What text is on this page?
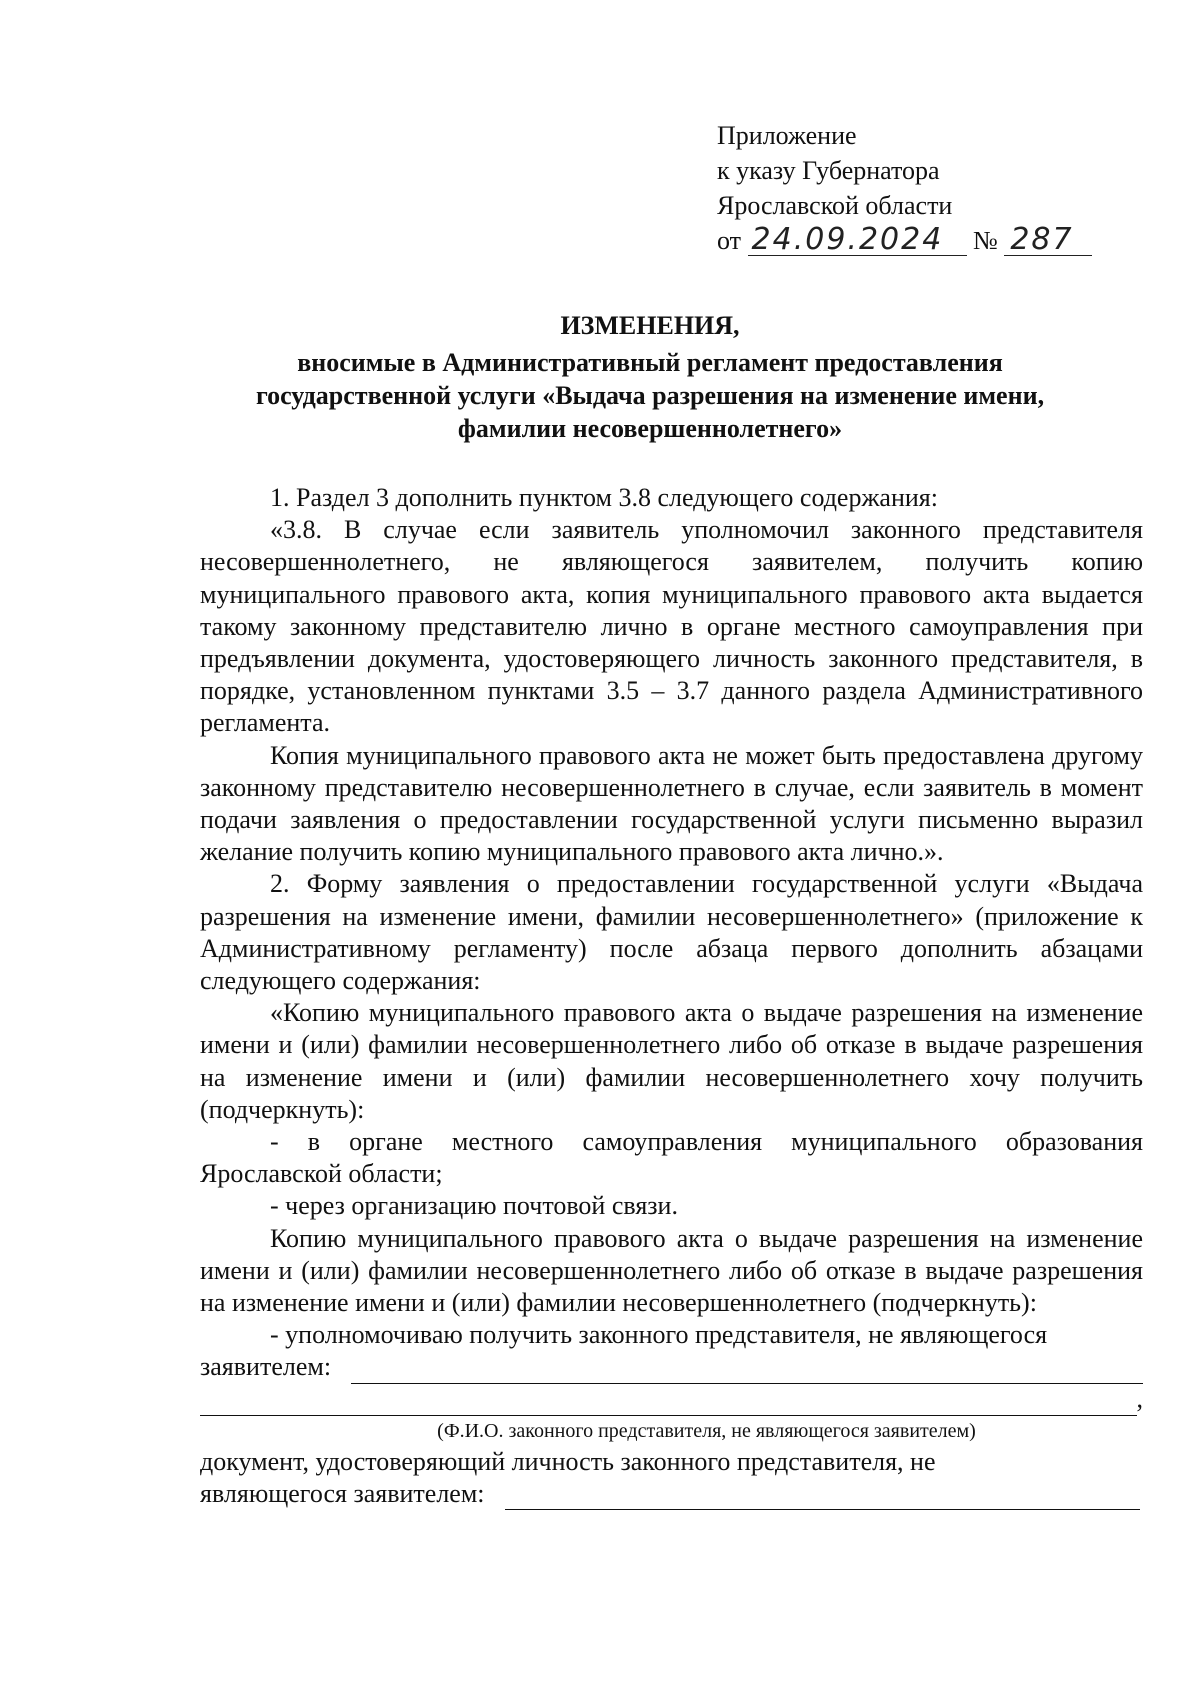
Приложение
к указу Губернатора
Ярославской области
от 24.09.2024 № 287
ИЗМЕНЕНИЯ,
вносимые в Административный регламент предоставления
государственной услуги «Выдача разрешения на изменение имени,
фамилии несовершеннолетнего»

1. Раздел 3 дополнить пунктом 3.8 следующего содержания:

«3.8. В случае если заявитель уполномочил законного представителя несовершеннолетнего, не являющегося заявителем, получить копию муниципального правового акта, копия муниципального правового акта выдается такому законному представителю лично в органе местного самоуправления при предъявлении документа, удостоверяющего личность законного представителя, в порядке, установленном пунктами 3.5 – 3.7 данного раздела Административного регламента.

Копия муниципального правового акта не может быть предоставлена другому законному представителю несовершеннолетнего в случае, если заявитель в момент подачи заявления о предоставлении государственной услуги письменно выразил желание получить копию муниципального правового акта лично.».

2. Форму заявления о предоставлении государственной услуги «Выдача разрешения на изменение имени, фамилии несовершеннолетнего» (приложение к Административному регламенту) после абзаца первого дополнить абзацами следующего содержания:

«Копию муниципального правового акта о выдаче разрешения на изменение имени и (или) фамилии несовершеннолетнего либо об отказе в выдаче разрешения на изменение имени и (или) фамилии несовершеннолетнего хочу получить (подчеркнуть):

- в органе местного самоуправления муниципального образования Ярославской области;

- через организацию почтовой связи.

Копию муниципального правового акта о выдаче разрешения на изменение имени и (или) фамилии несовершеннолетнего либо об отказе в выдаче разрешения на изменение имени и (или) фамилии несовершеннолетнего (подчеркнуть):

- уполномочиваю получить законного представителя, не являющегося

заявителем:
,

(Ф.И.О. законного представителя, не являющегося заявителем)

документ, удостоверяющий личность законного представителя, не

являющегося заявителем:
